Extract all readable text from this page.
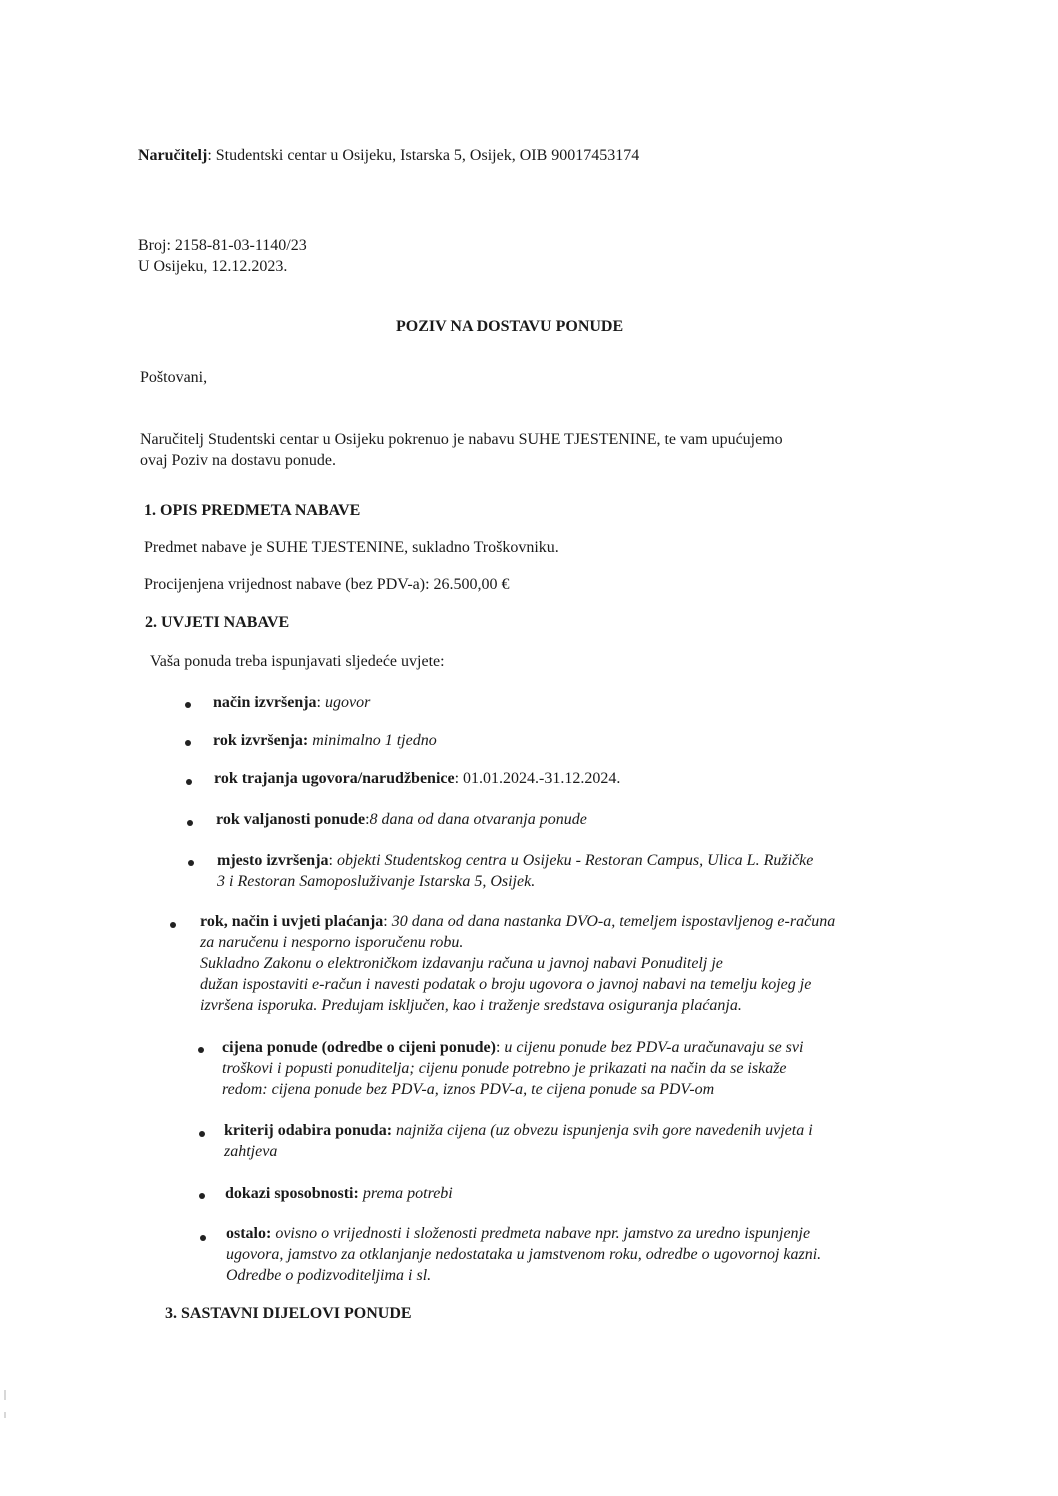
Naručitelj: Studentski centar u Osijeku, Istarska 5, Osijek, OIB 90017453174
Broj: 2158-81-03-1140/23
U Osijeku, 12.12.2023.
POZIV NA DOSTAVU PONUDE
Poštovani,
Naručitelj Studentski centar u Osijeku pokrenuo je nabavu SUHE TJESTENINE, te vam upućujemo
ovaj Poziv na dostavu ponude.
1. OPIS PREDMETA NABAVE
Predmet nabave je SUHE TJESTENINE, sukladno Troškovniku.
Procijenjena vrijednost nabave (bez PDV-a): 26.500,00 €
2. UVJETI NABAVE
Vaša ponuda treba ispunjavati sljedeće uvjete:
način izvršenja: ugovor
rok izvršenja: minimalno 1 tjedno
rok trajanja ugovora/narudžbenice: 01.01.2024.-31.12.2024.
rok valjanosti ponude:8 dana od dana otvaranja ponude
mjesto izvršenja: objekti Studentskog centra u Osijeku - Restoran Campus, Ulica L. Ružičke
3 i Restoran Samoposluživanje Istarska 5, Osijek.
rok, način i uvjeti plaćanja: 30 dana od dana nastanka DVO-a, temeljem ispostavljenog e-računa
za naručenu i nesporno isporučenu robu.
Sukladno Zakonu o elektroničkom izdavanju računa u javnoj nabavi Ponuditelj je
dužan ispostaviti e-račun i navesti podatak o broju ugovora o javnoj nabavi na temelju kojeg je
izvršena isporuka. Predujam isključen, kao i traženje sredstava osiguranja plaćanja.
cijena ponude (odredbe o cijeni ponude): u cijenu ponude bez PDV-a uračunavaju se svi
troškovi i popusti ponuditelja; cijenu ponude potrebno je prikazati na način da se iskaže
redom: cijena ponude bez PDV-a, iznos PDV-a, te cijena ponude sa PDV-om
kriterij odabira ponuda: najniža cijena (uz obvezu ispunjenja svih gore navedenih uvjeta i
zahtjeva
dokazi sposobnosti: prema potrebi
ostalo: ovisno o vrijednosti i složenosti predmeta nabave npr. jamstvo za uredno ispunjenje
ugovora, jamstvo za otklanjanje nedostataka u jamstvenom roku, odredbe o ugovornoj kazni.
Odredbe o podizvoditeljima i sl.
3. SASTAVNI DIJELOVI PONUDE
